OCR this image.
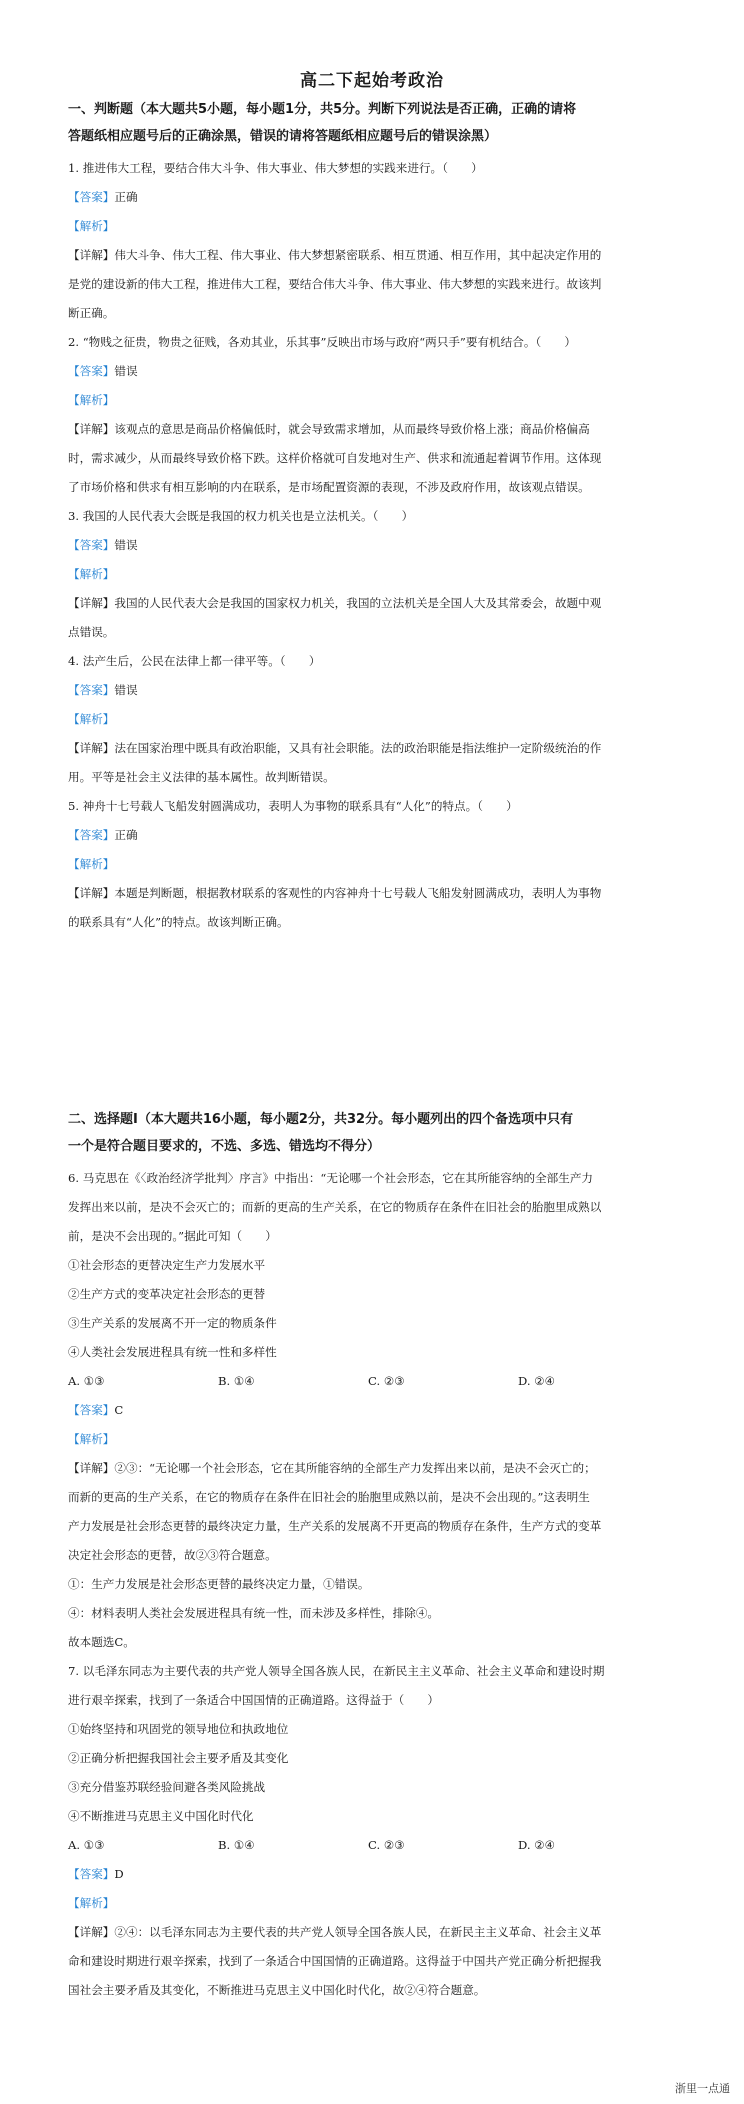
高二下起始考政治
一、判断题（本大题共5小题，每小题1分，共5分。判断下列说法是否正确，正确的请将
答题纸相应题号后的正确涂黑，错误的请将答题纸相应题号后的错误涂黑）
1. 推进伟大工程，要结合伟大斗争、伟大事业、伟大梦想的实践来进行。（　　）
【答案】正确
【解析】
【详解】伟大斗争、伟大工程、伟大事业、伟大梦想紧密联系、相互贯通、相互作用，其中起决定作用的
是党的建设新的伟大工程，推进伟大工程，要结合伟大斗争、伟大事业、伟大梦想的实践来进行。故该判
断正确。
2. “物贱之征贵，物贵之征贱，各劝其业，乐其事”反映出市场与政府“两只手”要有机结合。（　　）
【答案】错误
【解析】
【详解】该观点的意思是商品价格偏低时，就会导致需求增加，从而最终导致价格上涨；商品价格偏高
时，需求减少，从而最终导致价格下跌。这样价格就可自发地对生产、供求和流通起着调节作用。这体现
了市场价格和供求有相互影响的内在联系，是市场配置资源的表现，不涉及政府作用，故该观点错误。
3. 我国的人民代表大会既是我国的权力机关也是立法机关。（　　）
【答案】错误
【解析】
【详解】我国的人民代表大会是我国的国家权力机关，我国的立法机关是全国人大及其常委会，故题中观
点错误。
4. 法产生后，公民在法律上都一律平等。（　　）
【答案】错误
【解析】
【详解】法在国家治理中既具有政治职能，又具有社会职能。法的政治职能是指法维护一定阶级统治的作
用。平等是社会主义法律的基本属性。故判断错误。
5. 神舟十七号载人飞船发射圆满成功，表明人为事物的联系具有“人化”的特点。（　　）
【答案】正确
【解析】
【详解】本题是判断题，根据教材联系的客观性的内容神舟十七号载人飞船发射圆满成功，表明人为事物
的联系具有“人化”的特点。故该判断正确。
二、选择题Ⅰ（本大题共16小题，每小题2分，共32分。每小题列出的四个备选项中只有
一个是符合题目要求的，不选、多选、错选均不得分）
6. 马克思在《〈政治经济学批判〉序言》中指出：“无论哪一个社会形态，它在其所能容纳的全部生产力
发挥出来以前，是决不会灭亡的；而新的更高的生产关系，在它的物质存在条件在旧社会的胎胞里成熟以
前，是决不会出现的。”据此可知（　　）
①社会形态的更替决定生产力发展水平
②生产方式的变革决定社会形态的更替
③生产关系的发展离不开一定的物质条件
④人类社会发展进程具有统一性和多样性
A. ①③	B. ①④	C. ②③	D. ②④
【答案】C
【解析】
【详解】②③：“无论哪一个社会形态，它在其所能容纳的全部生产力发挥出来以前，是决不会灭亡的；
而新的更高的生产关系，在它的物质存在条件在旧社会的胎胞里成熟以前，是决不会出现的。”这表明生
产力发展是社会形态更替的最终决定力量，生产关系的发展离不开更高的物质存在条件，生产方式的变革
决定社会形态的更替，故②③符合题意。
①：生产力发展是社会形态更替的最终决定力量，①错误。
④：材料表明人类社会发展进程具有统一性，而未涉及多样性，排除④。
故本题选C。
7. 以毛泽东同志为主要代表的共产党人领导全国各族人民，在新民主主义革命、社会主义革命和建设时期
进行艰辛探索，找到了一条适合中国国情的正确道路。这得益于（　　）
①始终坚持和巩固党的领导地位和执政地位
②正确分析把握我国社会主要矛盾及其变化
③充分借鉴苏联经验间避各类风险挑战
④不断推进马克思主义中国化时代化
A. ①③	B. ①④	C. ②③	D. ②④
【答案】D
【解析】
【详解】②④：以毛泽东同志为主要代表的共产党人领导全国各族人民，在新民主主义革命、社会主义革
命和建设时期进行艰辛探索，找到了一条适合中国国情的正确道路。这得益于中国共产党正确分析把握我
国社会主要矛盾及其变化，不断推进马克思主义中国化时代化，故②④符合题意。
浙里一点通
